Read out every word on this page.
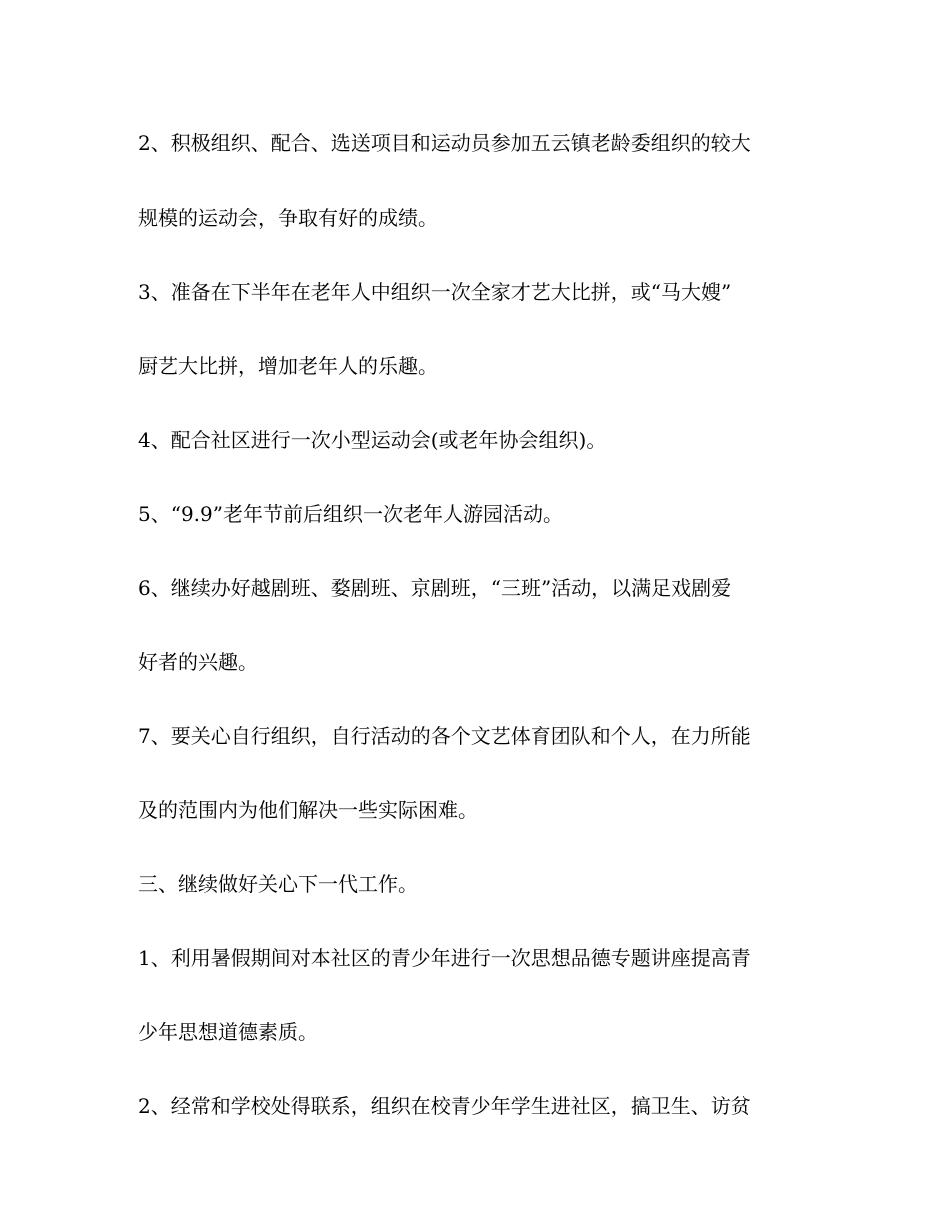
2、积极组织、配合、选送项目和运动员参加五云镇老龄委组织的较大

规模的运动会，争取有好的成绩。

3、准备在下半年在老年人中组织一次全家才艺大比拼，或“马大嫂”

厨艺大比拼，增加老年人的乐趣。

4、配合社区进行一次小型运动会(或老年协会组织)。

5、“9.9”老年节前后组织一次老年人游园活动。

6、继续办好越剧班、婺剧班、京剧班，“三班”活动，以满足戏剧爱

好者的兴趣。

7、要关心自行组织，自行活动的各个文艺体育团队和个人，在力所能

及的范围内为他们解决一些实际困难。

三、继续做好关心下一代工作。

1、利用暑假期间对本社区的青少年进行一次思想品德专题讲座提高青

少年思想道德素质。

2、经常和学校处得联系，组织在校青少年学生进社区，搞卫生、访贫
